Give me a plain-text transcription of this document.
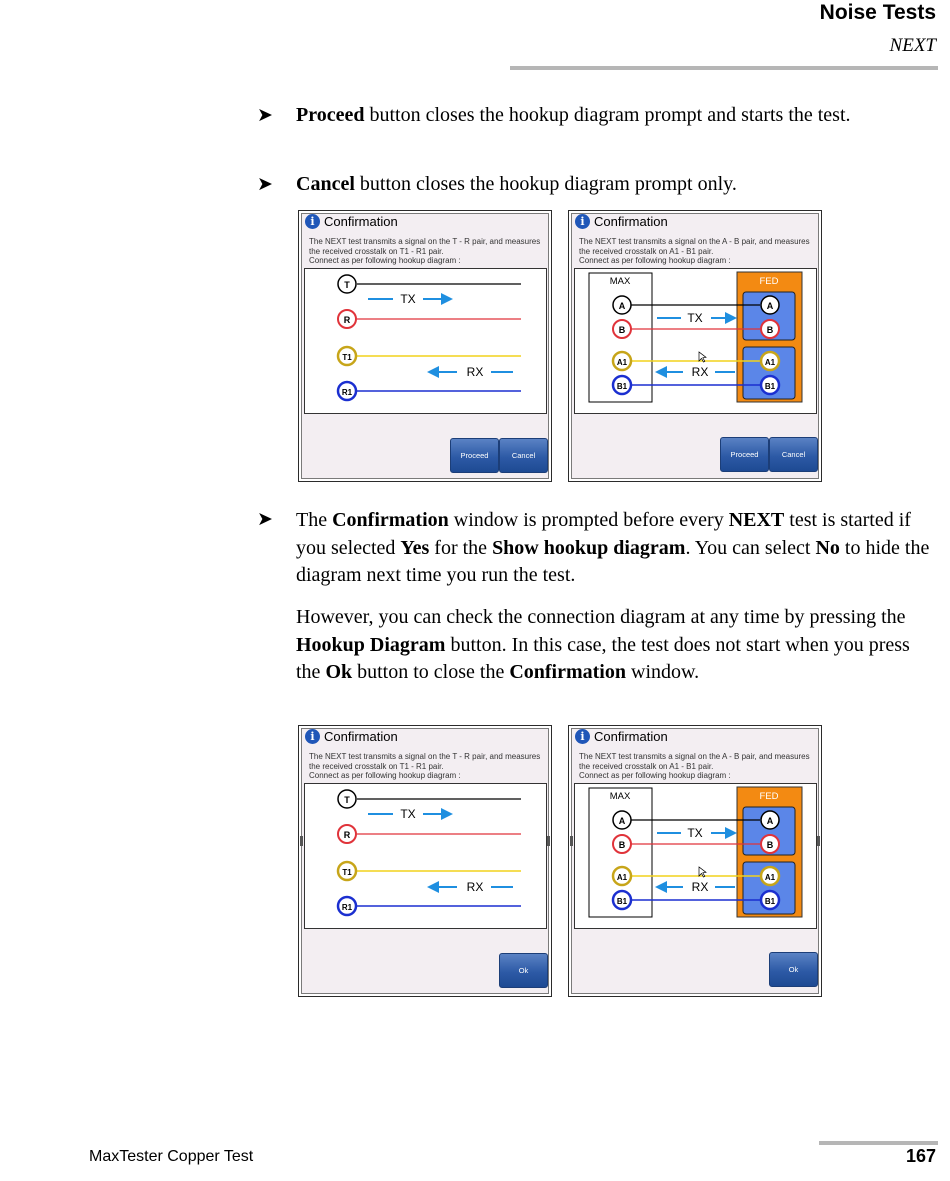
Noise Tests
NEXT
➤ Proceed button closes the hookup diagram prompt and starts the test.
➤ Cancel button closes the hookup diagram prompt only.
i Confirmation
The NEXT test transmits a signal on the T - R pair, and measures the received crosstalk on T1 - R1 pair.
Connect as per following hookup diagram :
T
R
T1
R1
TX
RX
Proceed	Cancel
i Confirmation
The NEXT test transmits a signal on the A - B pair, and measures the received crosstalk on A1 - B1 pair.
Connect as per following hookup diagram :
MAX	FED
A
B
A1
B1
A
B
A1
B1
TX
RX
Proceed	Cancel
➤ The Confirmation window is prompted before every NEXT test is started if you selected Yes for the Show hookup diagram. You can select No to hide the diagram next time you run the test.
However, you can check the connection diagram at any time by pressing the Hookup Diagram button. In this case, the test does not start when you press the Ok button to close the Confirmation window.
i Confirmation
The NEXT test transmits a signal on the T - R pair, and measures the received crosstalk on T1 - R1 pair.
Connect as per following hookup diagram :
T
R
T1
R1
TX
RX
Ok
i Confirmation
The NEXT test transmits a signal on the A - B pair, and measures the received crosstalk on A1 - B1 pair.
Connect as per following hookup diagram :
MAX	FED
A
B
A1
B1
A
B
A1
B1
TX
RX
Ok
MaxTester Copper Test	167
